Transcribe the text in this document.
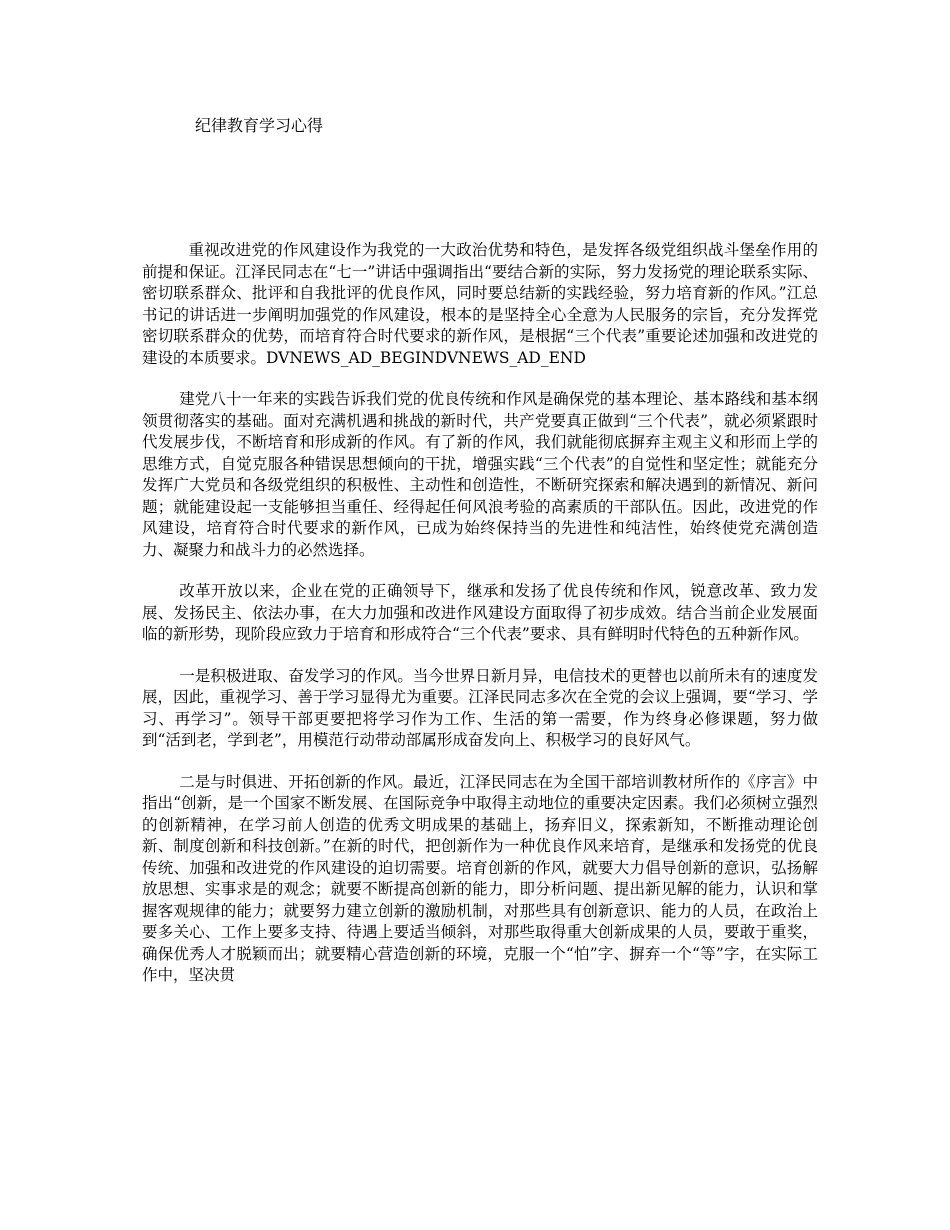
纪律教育学习心得

重视改进党的作风建设作为我党的一大政治优势和特色，是发挥各级党组织战斗堡垒作用的前提和保证。江泽民同志在“七一”讲话中强调指出“要结合新的实际，努力发扬党的理论联系实际、密切联系群众、批评和自我批评的优良作风，同时要总结新的实践经验，努力培育新的作风。”江总书记的讲话进一步阐明加强党的作风建设，根本的是坚持全心全意为人民服务的宗旨，充分发挥党密切联系群众的优势，而培育符合时代要求的新作风，是根据“三个代表”重要论述加强和改进党的建设的本质要求。DVNEWS_AD_BEGINDVNEWS_AD_END

建党八十一年来的实践告诉我们党的优良传统和作风是确保党的基本理论、基本路线和基本纲领贯彻落实的基础。面对充满机遇和挑战的新时代，共产党要真正做到“三个代表”，就必须紧跟时代发展步伐，不断培育和形成新的作风。有了新的作风，我们就能彻底摒弃主观主义和形而上学的思维方式，自觉克服各种错误思想倾向的干扰，增强实践“三个代表”的自觉性和坚定性；就能充分发挥广大党员和各级党组织的积极性、主动性和创造性，不断研究探索和解决遇到的新情况、新问题；就能建设起一支能够担当重任、经得起任何风浪考验的高素质的干部队伍。因此，改进党的作风建设，培育符合时代要求的新作风，已成为始终保持当的先进性和纯洁性，始终使党充满创造力、凝聚力和战斗力的必然选择。

改革开放以来，企业在党的正确领导下，继承和发扬了优良传统和作风，锐意改革、致力发展、发扬民主、依法办事，在大力加强和改进作风建设方面取得了初步成效。结合当前企业发展面临的新形势，现阶段应致力于培育和形成符合“三个代表”要求、具有鲜明时代特色的五种新作风。

一是积极进取、奋发学习的作风。当今世界日新月异，电信技术的更替也以前所未有的速度发展，因此，重视学习、善于学习显得尤为重要。江泽民同志多次在全党的会议上强调，要“学习、学习、再学习”。领导干部更要把将学习作为工作、生活的第一需要，作为终身必修课题，努力做到“活到老，学到老”，用模范行动带动部属形成奋发向上、积极学习的良好风气。

二是与时俱进、开拓创新的作风。最近，江泽民同志在为全国干部培训教材所作的《序言》中指出“创新，是一个国家不断发展、在国际竞争中取得主动地位的重要决定因素。我们必须树立强烈的创新精神，在学习前人创造的优秀文明成果的基础上，扬弃旧义，探索新知，不断推动理论创新、制度创新和科技创新。”在新的时代，把创新作为一种优良作风来培育，是继承和发扬党的优良传统、加强和改进党的作风建设的迫切需要。培育创新的作风，就要大力倡导创新的意识，弘扬解放思想、实事求是的观念；就要不断提高创新的能力，即分析问题、提出新见解的能力，认识和掌握客观规律的能力；就要努力建立创新的激励机制，对那些具有创新意识、能力的人员，在政治上要多关心、工作上要多支持、待遇上要适当倾斜，对那些取得重大创新成果的人员，要敢于重奖，确保优秀人才脱颖而出；就要精心营造创新的环境，克服一个“怕”字、摒弃一个“等”字，在实际工作中，坚决贯
